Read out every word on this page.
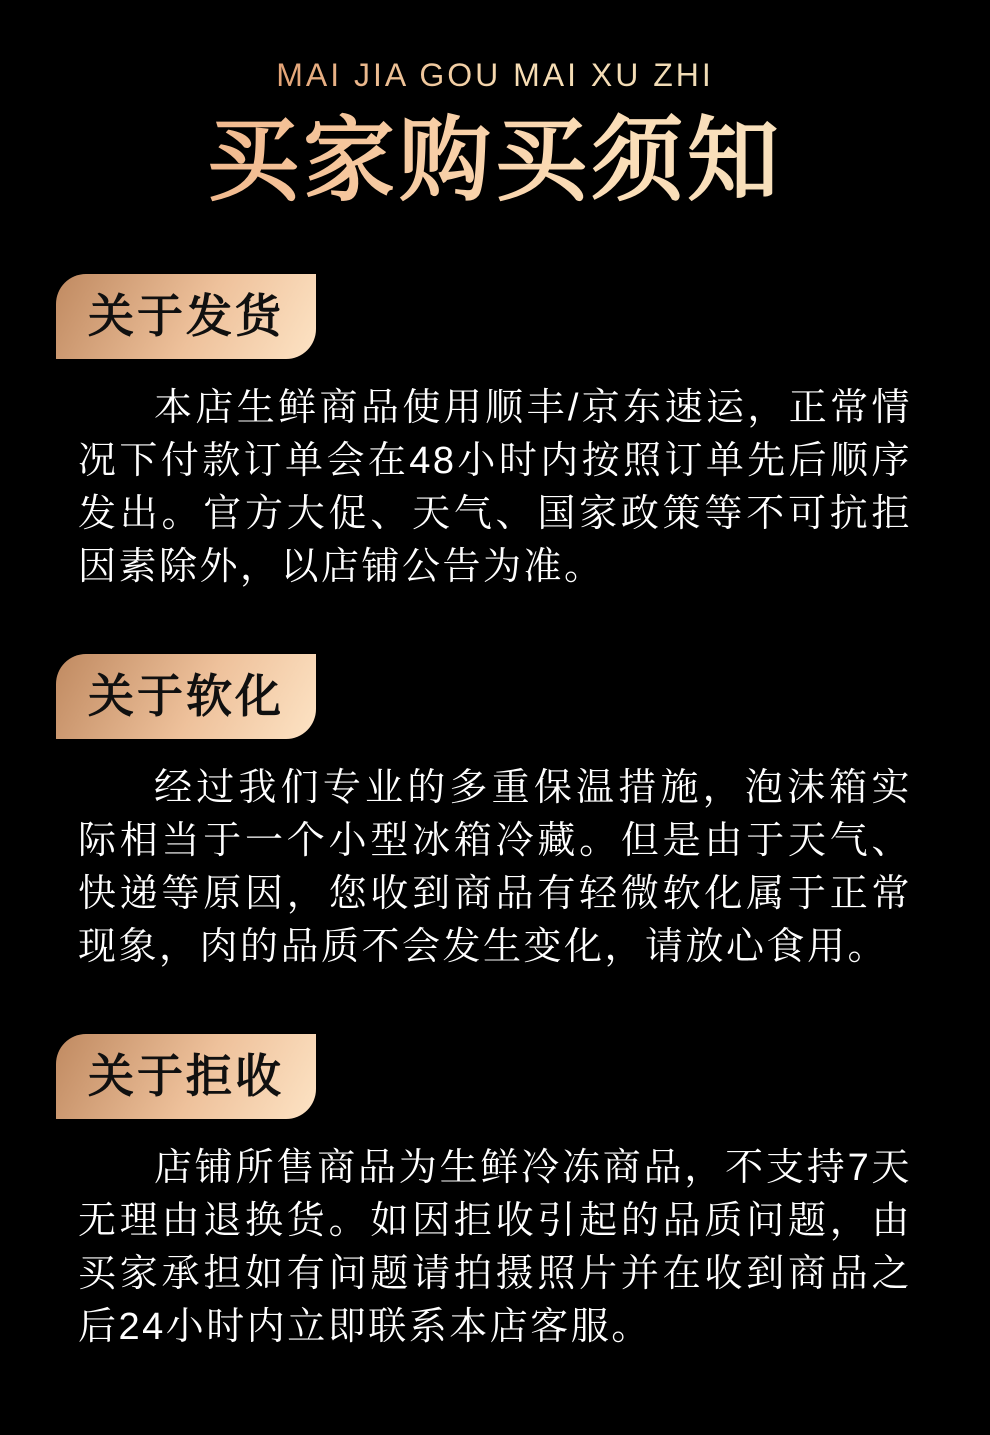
MAI JIA GOU MAI XU ZHI
买家购买须知
关于发货

本店生鲜商品使用顺丰/京东速运，正常情况下付款订单会在48小时内按照订单先后顺序发出。官方大促、天气、国家政策等不可抗拒因素除外，以店铺公告为准。

关于软化

经过我们专业的多重保温措施，泡沫箱实际相当于一个小型冰箱冷藏。但是由于天气、快递等原因，您收到商品有轻微软化属于正常现象，肉的品质不会发生变化，请放心食用。

关于拒收

店铺所售商品为生鲜冷冻商品，不支持7天无理由退换货。如因拒收引起的品质问题，由买家承担如有问题请拍摄照片并在收到商品之后24小时内立即联系本店客服。
